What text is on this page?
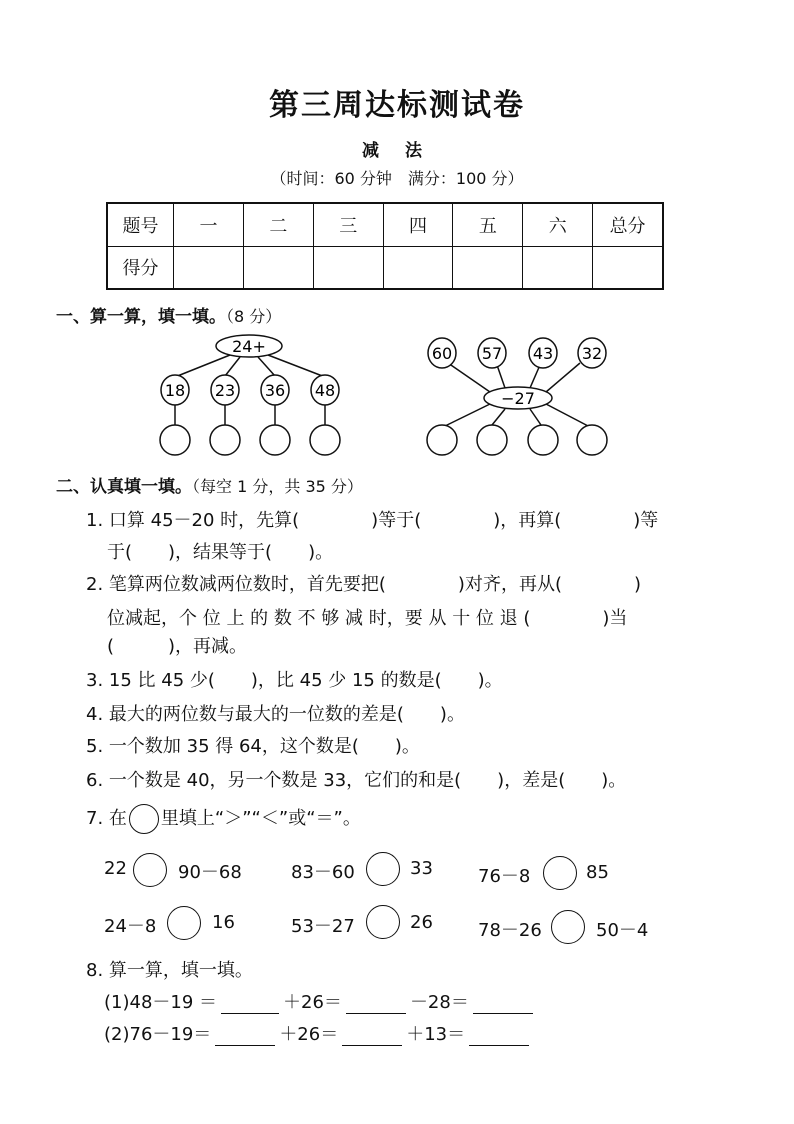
第三周达标测试卷
减 法
（时间：60 分钟　满分：100 分）
题号	一	二	三	四	五	六	总分
得分							
一、算一算，填一填。（8 分）
24+
18 23 36 48	−27
60 57 43 32
二、认真填一填。（每空 1 分，共 35 分）
1. 口算 45－20 时，先算(　　　　)等于(　　　　)，再算(　　　　)等
于(　　)，结果等于(　　)。
2. 笔算两位数减两位数时，首先要把(　　　　)对齐，再从(　　　　)
位减起，个 位 上 的 数 不 够 减 时，要 从 十 位 退 (　　　　)当
(　　　)，再减。
3. 15 比 45 少(　　)，比 45 少 15 的数是(　　)。
4. 最大的两位数与最大的一位数的差是(　　)。
5. 一个数加 35 得 64，这个数是(　　)。
6. 一个数是 40，另一个数是 33，它们的和是(　　)，差是(　　)。
7. 在 里填上“＞”“＜”或“＝”。
22	90－68	83－60	33	76－8	85
24－8	16	53－27	26	78－26	50－4
8. 算一算，填一填。
(1)48－19 ＝	＋26＝	－28＝
(2)76－19＝	＋26＝	＋13＝
